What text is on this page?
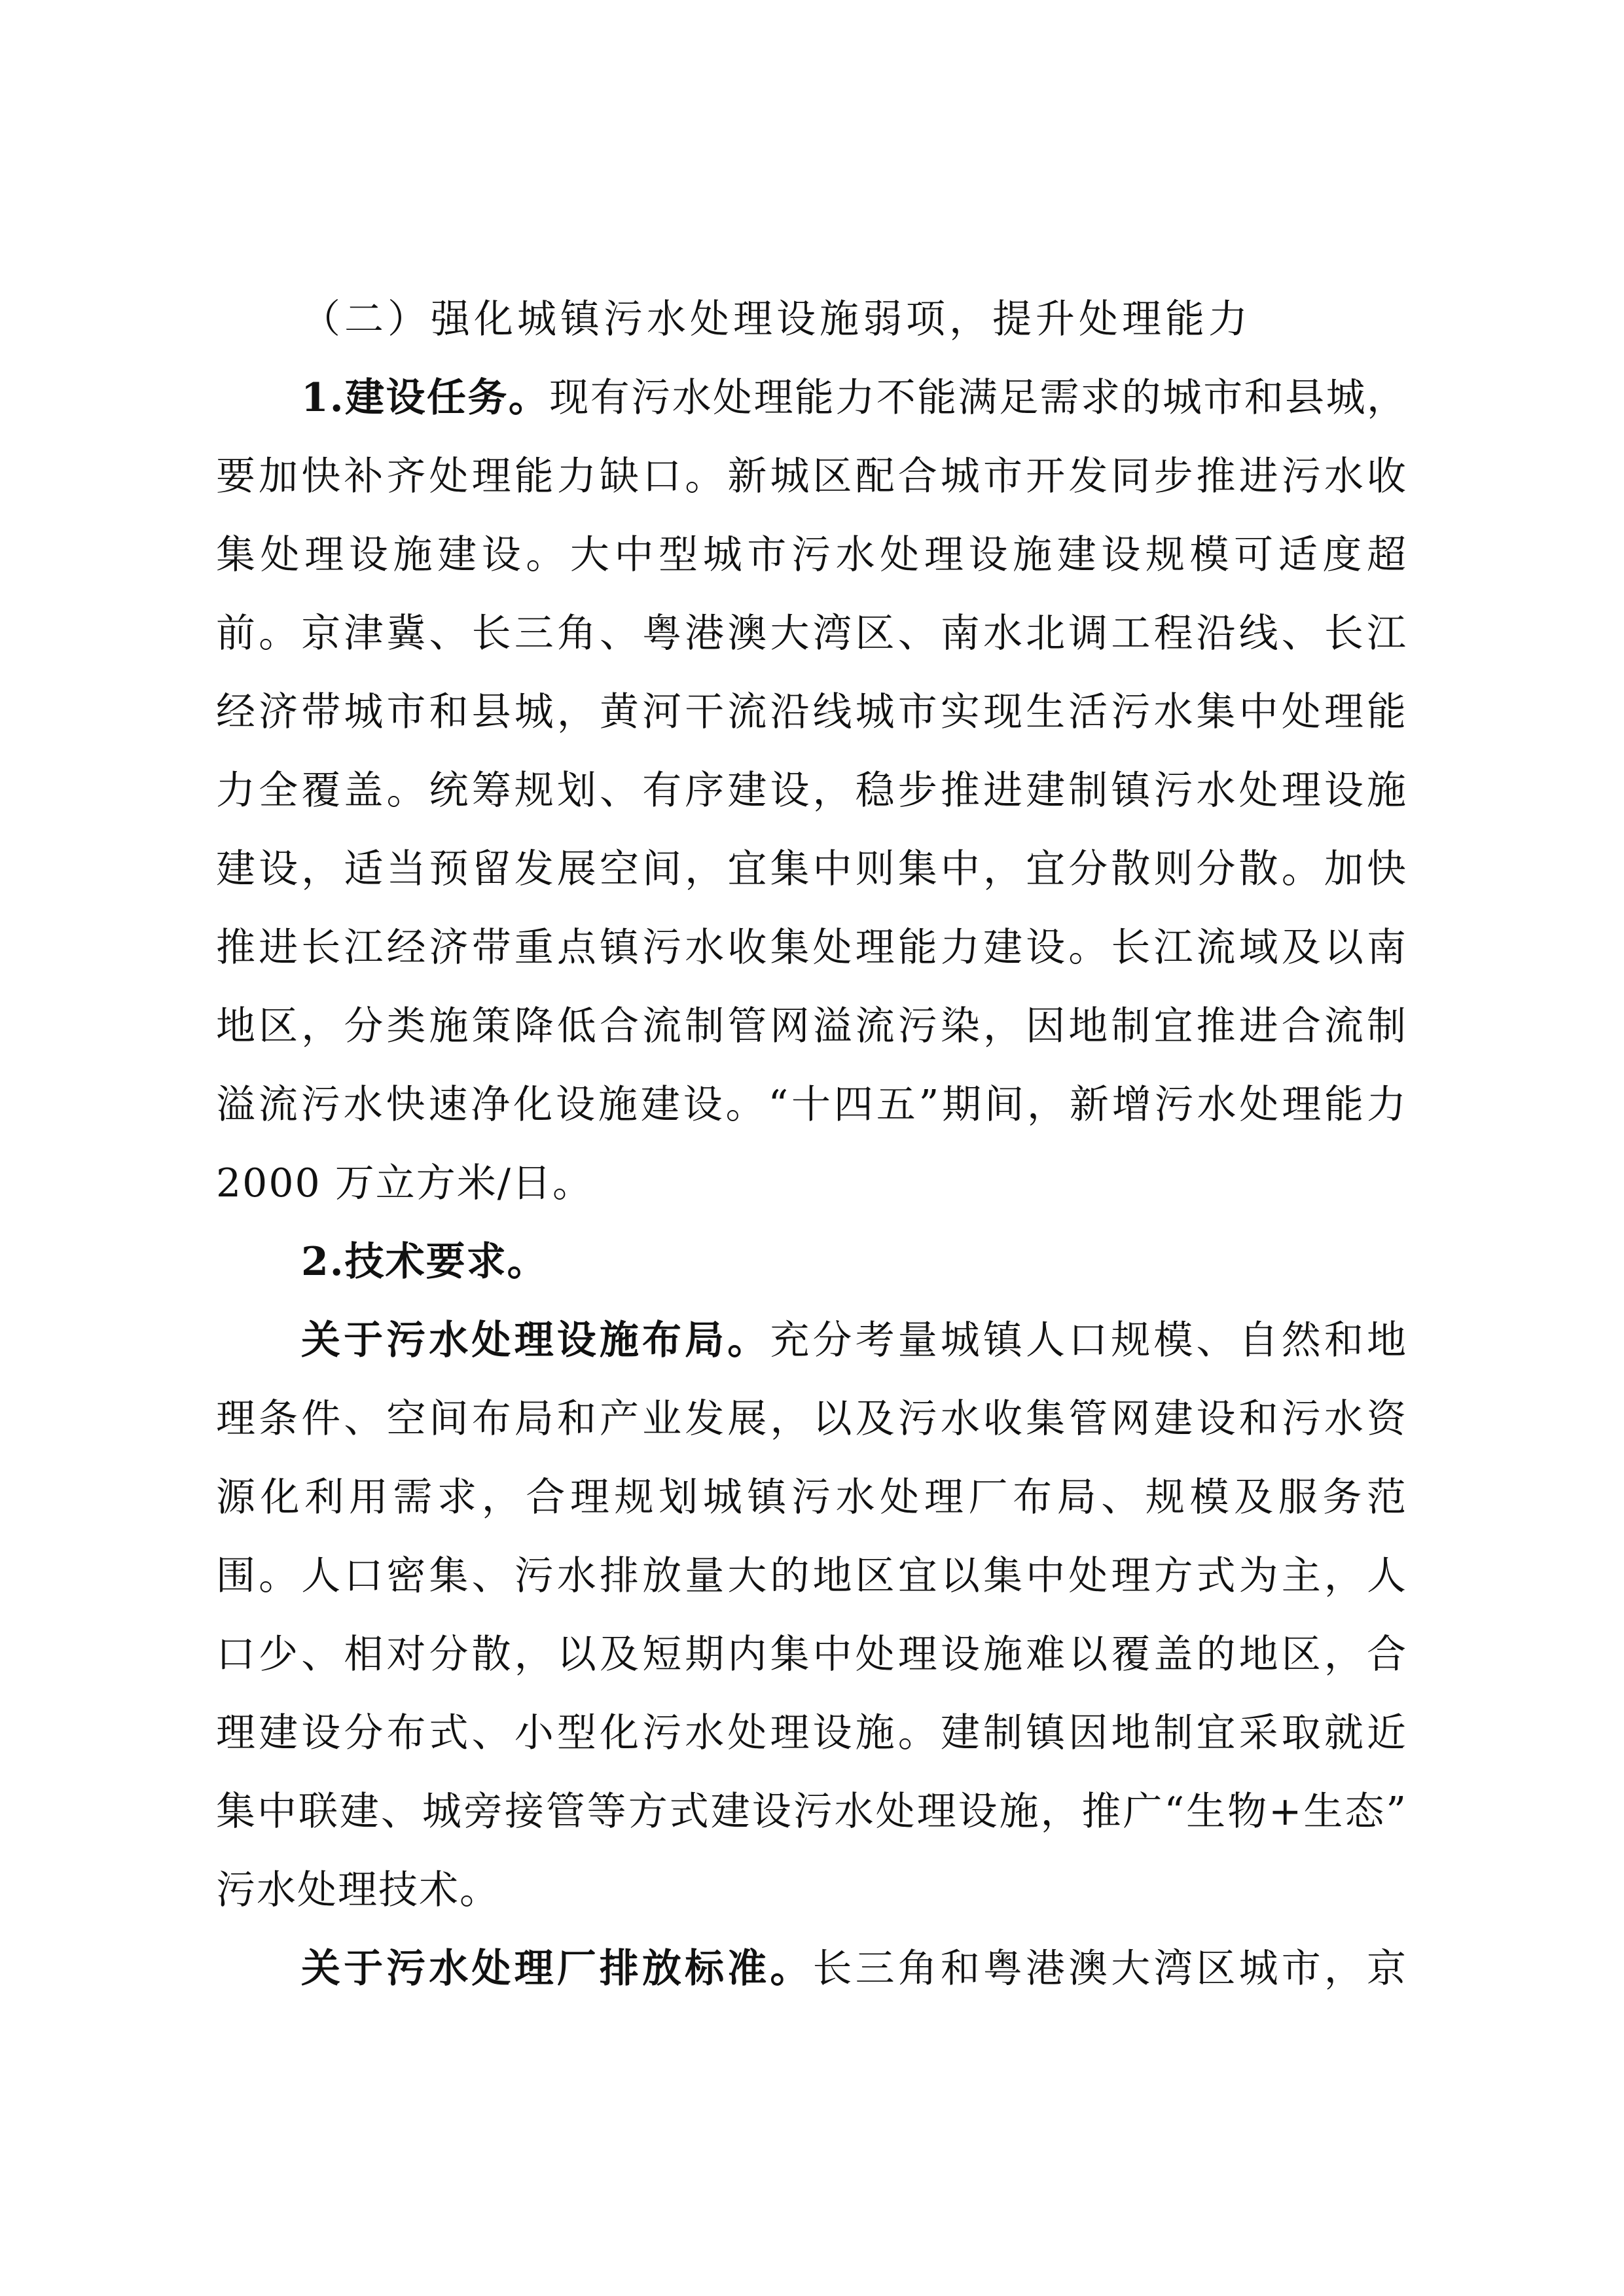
（二）强化城镇污水处理设施弱项，提升处理能力
1.建设任务。现有污水处理能力不能满足需求的城市和县城，
要加快补齐处理能力缺口。新城区配合城市开发同步推进污水收
集处理设施建设。大中型城市污水处理设施建设规模可适度超
前。京津冀、长三角、粤港澳大湾区、南水北调工程沿线、长江
经济带城市和县城，黄河干流沿线城市实现生活污水集中处理能
力全覆盖。统筹规划、有序建设，稳步推进建制镇污水处理设施
建设，适当预留发展空间，宜集中则集中，宜分散则分散。加快
推进长江经济带重点镇污水收集处理能力建设。长江流域及以南
地区，分类施策降低合流制管网溢流污染，因地制宜推进合流制
溢流污水快速净化设施建设。“十四五”期间，新增污水处理能力
2000 万立方米/日。
2.技术要求。
关于污水处理设施布局。充分考量城镇人口规模、自然和地
理条件、空间布局和产业发展，以及污水收集管网建设和污水资
源化利用需求，合理规划城镇污水处理厂布局、规模及服务范
围。人口密集、污水排放量大的地区宜以集中处理方式为主，人
口少、相对分散，以及短期内集中处理设施难以覆盖的地区，合
理建设分布式、小型化污水处理设施。建制镇因地制宜采取就近
集中联建、城旁接管等方式建设污水处理设施，推广“生物+生态”
污水处理技术。
关于污水处理厂排放标准。长三角和粤港澳大湾区城市，京
